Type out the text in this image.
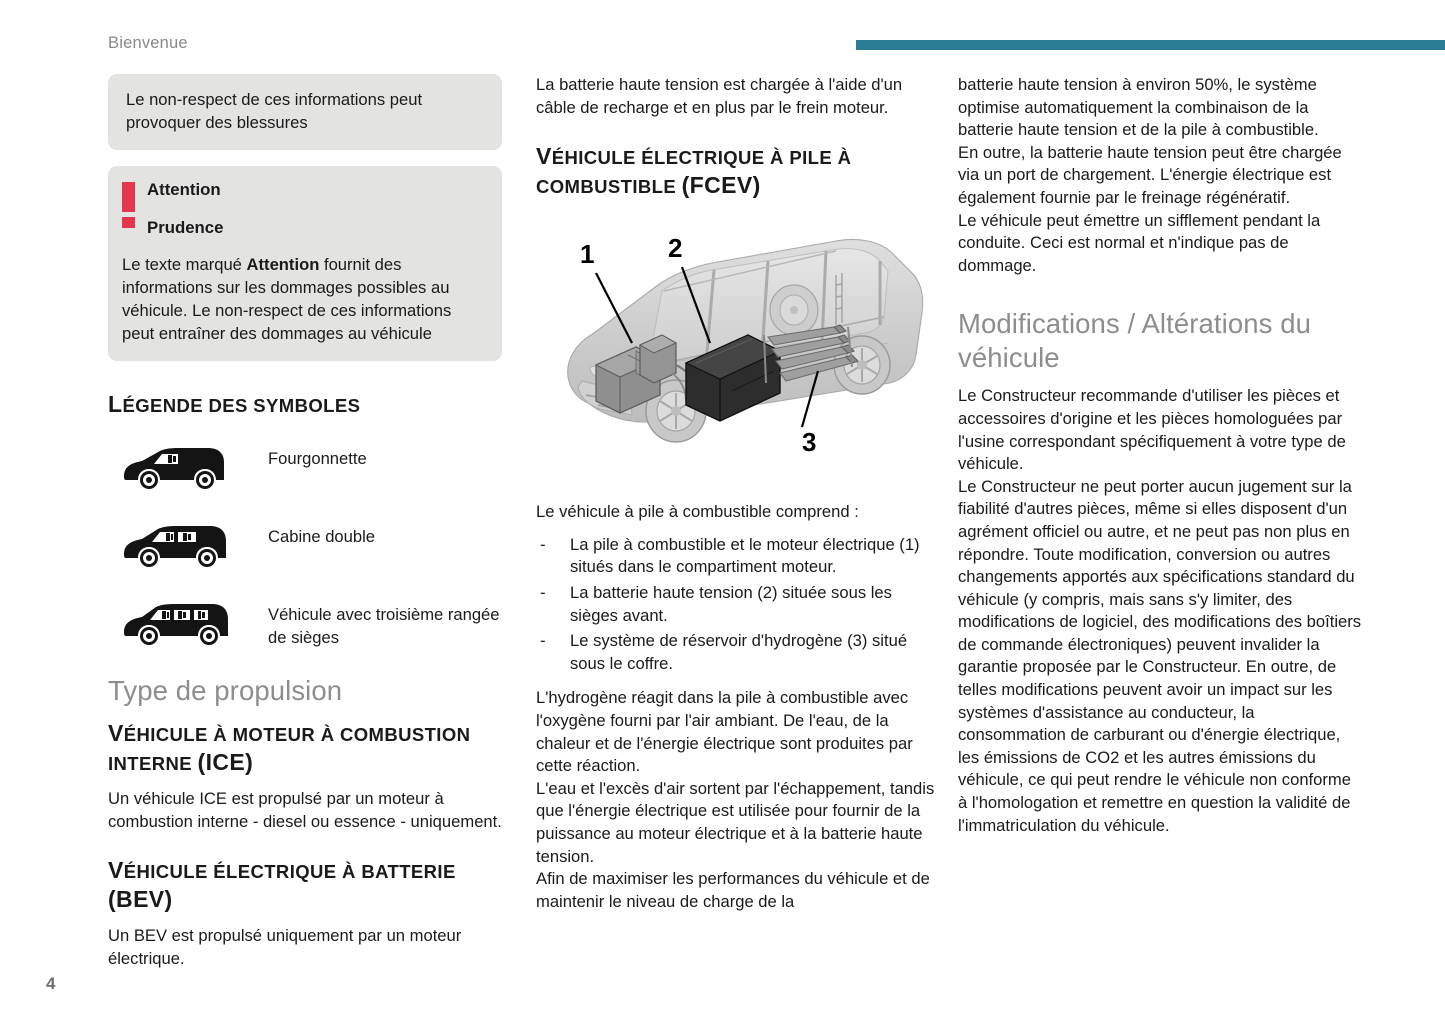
Bienvenue

Le non-respect de ces informations peut provoquer des blessures

Attention
Prudence
Le texte marqué Attention fournit des informations sur les dommages possibles au véhicule. Le non-respect de ces informations peut entraîner des dommages au véhicule
LÉGENDE DES SYMBOLES
Fourgonnette
Cabine double
Véhicule avec troisième rangée de sièges
Type de propulsion
VÉHICULE À MOTEUR À COMBUSTION INTERNE (ICE)

Un véhicule ICE est propulsé par un moteur à combustion interne - diesel ou essence - uniquement.

VÉHICULE ÉLECTRIQUE À BATTERIE (BEV)

Un BEV est propulsé uniquement par un moteur électrique.

La batterie haute tension est chargée à l'aide d'un câble de recharge et en plus par le frein moteur.

VÉHICULE ÉLECTRIQUE À PILE À COMBUSTIBLE (FCEV)
1	2
3

Le véhicule à pile à combustible comprend :

- La pile à combustible et le moteur électrique (1) situés dans le compartiment moteur.
- La batterie haute tension (2) située sous les sièges avant.
- Le système de réservoir d'hydrogène (3) situé sous le coffre.

L'hydrogène réagit dans la pile à combustible avec l'oxygène fourni par l'air ambiant. De l'eau, de la chaleur et de l'énergie électrique sont produites par cette réaction.

L'eau et l'excès d'air sortent par l'échappement, tandis que l'énergie électrique est utilisée pour fournir de la puissance au moteur électrique et à la batterie haute tension.

Afin de maximiser les performances du véhicule et de maintenir le niveau de charge de la

batterie haute tension à environ 50%, le système optimise automatiquement la combinaison de la batterie haute tension et de la pile à combustible.

En outre, la batterie haute tension peut être chargée via un port de chargement. L'énergie électrique est également fournie par le freinage régénératif.

Le véhicule peut émettre un sifflement pendant la conduite. Ceci est normal et n'indique pas de dommage.

Modifications / Altérations du véhicule

Le Constructeur recommande d'utiliser les pièces et accessoires d'origine et les pièces homologuées par l'usine correspondant spécifiquement à votre type de véhicule.

Le Constructeur ne peut porter aucun jugement sur la fiabilité d'autres pièces, même si elles disposent d'un agrément officiel ou autre, et ne peut pas non plus en répondre. Toute modification, conversion ou autres changements apportés aux spécifications standard du véhicule (y compris, mais sans s'y limiter, des modifications de logiciel, des modifications des boîtiers de commande électroniques) peuvent invalider la garantie proposée par le Constructeur. En outre, de telles modifications peuvent avoir un impact sur les systèmes d'assistance au conducteur, la consommation de carburant ou d'énergie électrique, les émissions de CO2 et les autres émissions du véhicule, ce qui peut rendre le véhicule non conforme à l'homologation et remettre en question la validité de l'immatriculation du véhicule.

4
